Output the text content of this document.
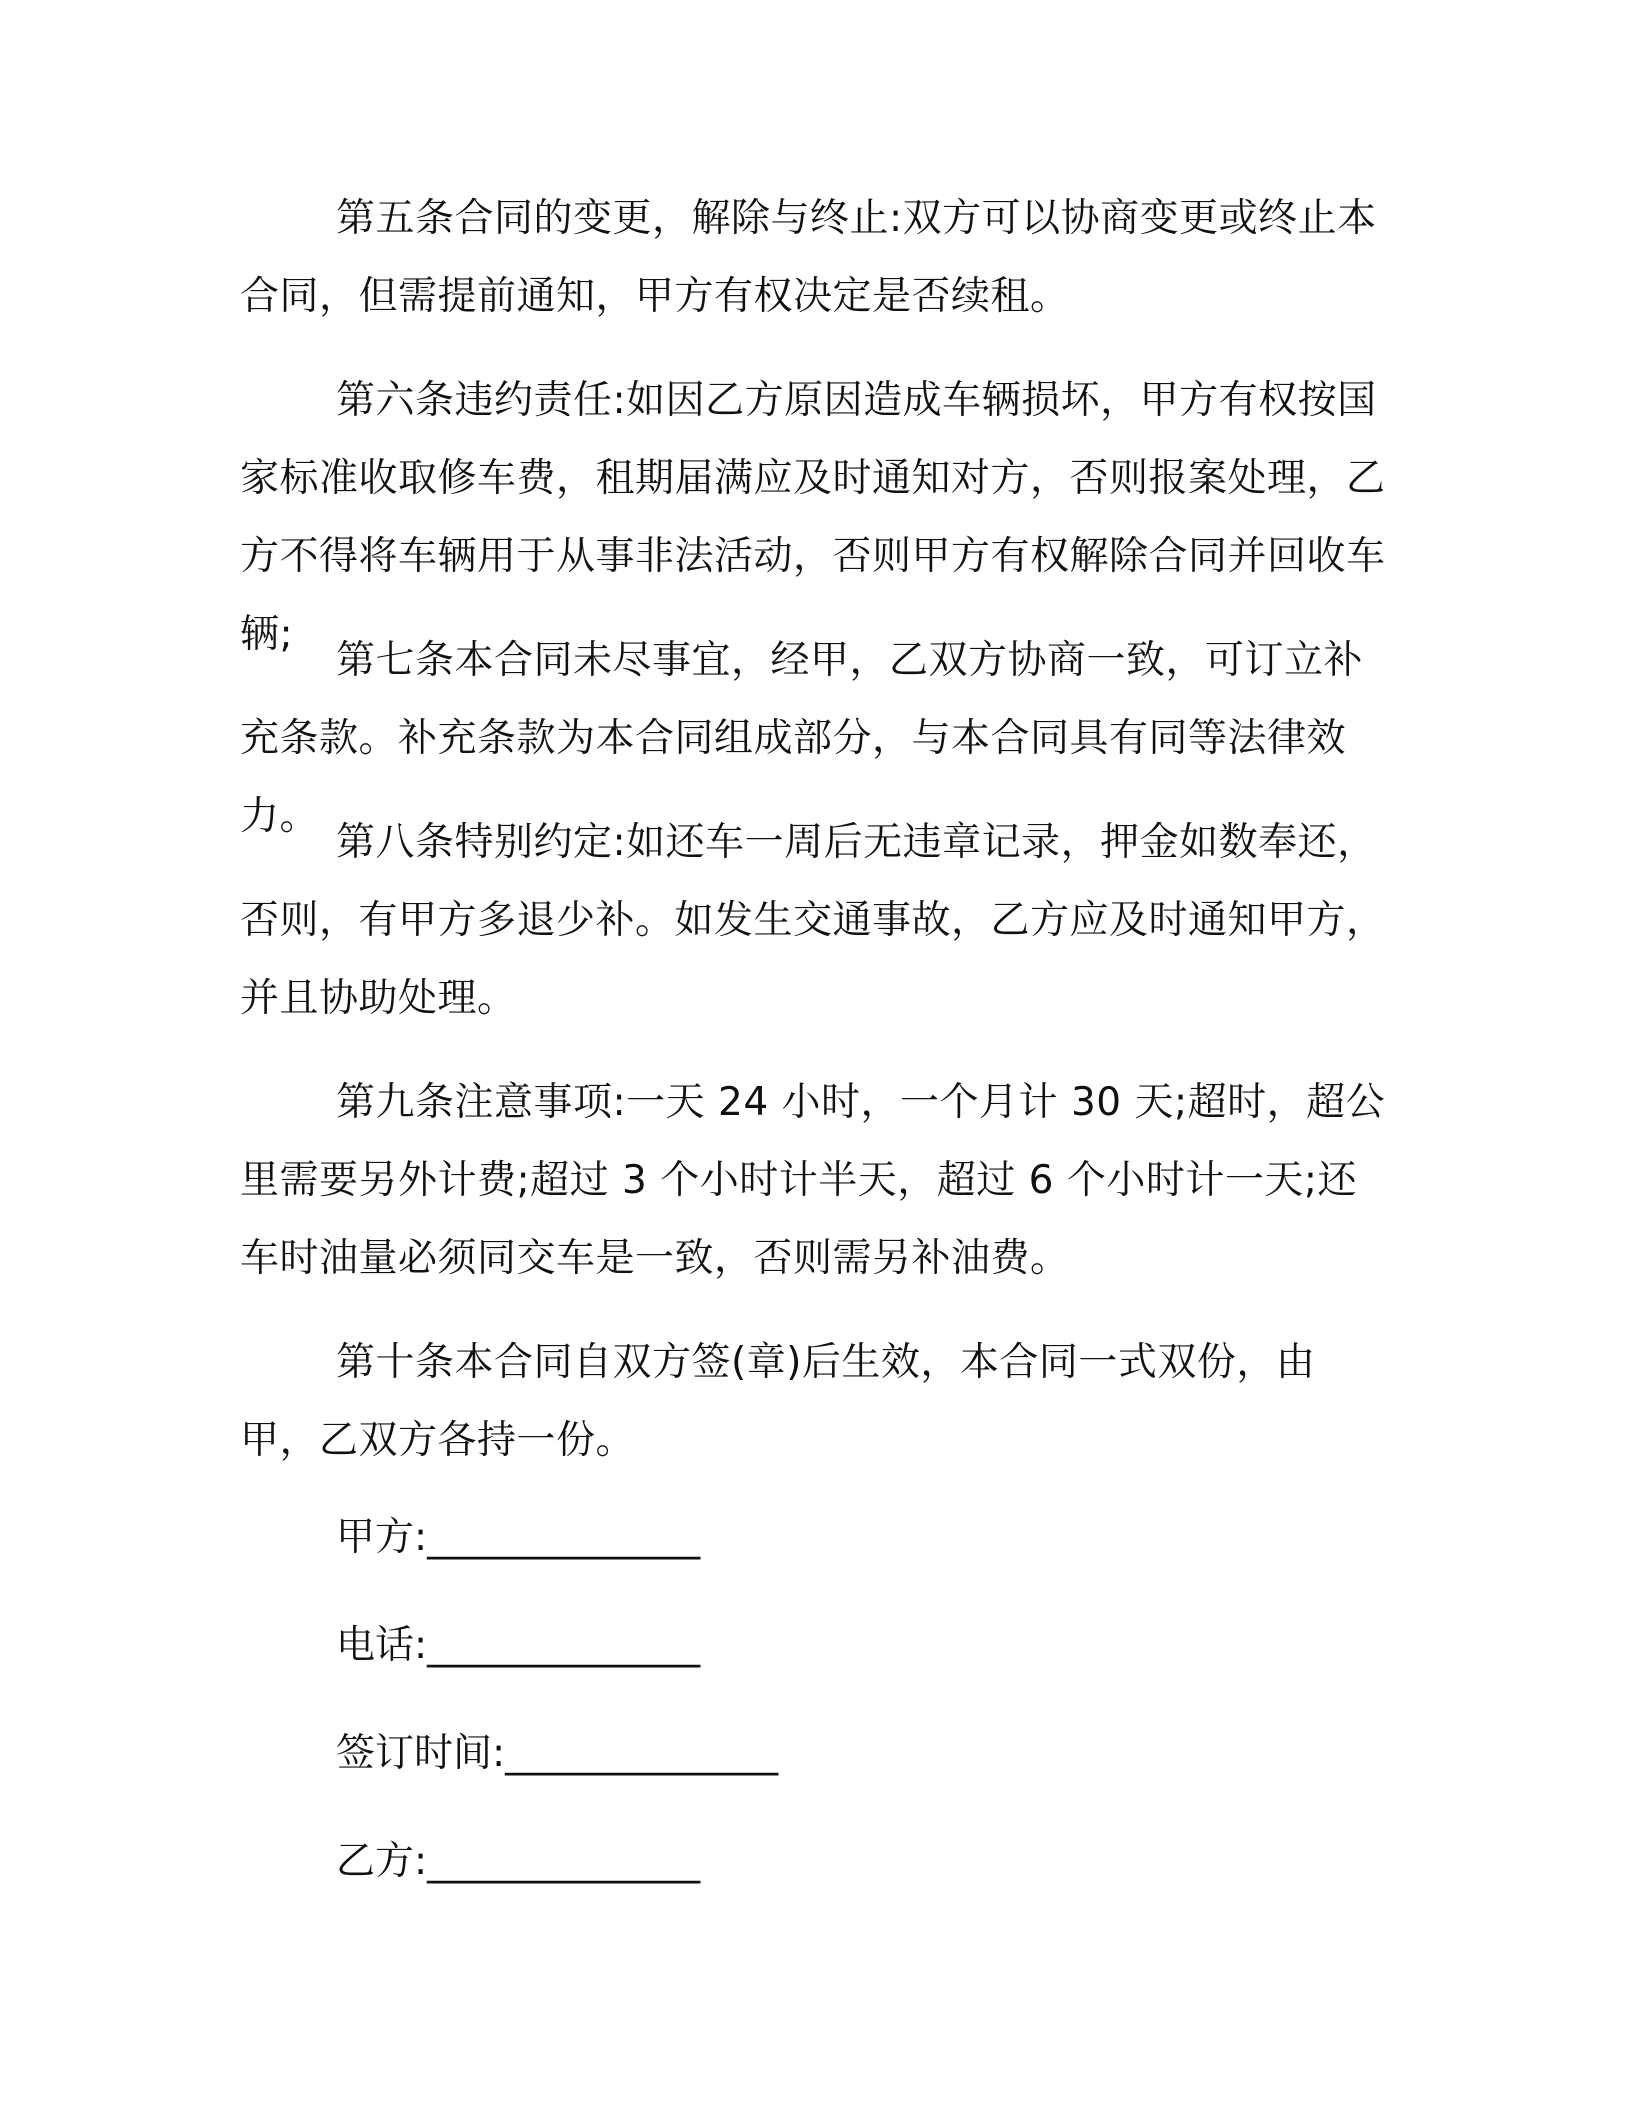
第五条合同的变更，解除与终止:双方可以协商变更或终止本合同，但需提前通知，甲方有权决定是否续租。

第六条违约责任:如因乙方原因造成车辆损坏，甲方有权按国家标准收取修车费，租期届满应及时通知对方，否则报案处理，乙方不得将车辆用于从事非法活动，否则甲方有权解除合同并回收车辆;

第七条本合同未尽事宜，经甲，乙双方协商一致，可订立补充条款。补充条款为本合同组成部分，与本合同具有同等法律效力。

第八条特别约定:如还车一周后无违章记录，押金如数奉还，否则，有甲方多退少补。如发生交通事故，乙方应及时通知甲方，并且协助处理。

第九条注意事项:一天 24 小时，一个月计 30 天;超时，超公里需要另外计费;超过 3 个小时计半天，超过 6 个小时计一天;还车时油量必须同交车是一致，否则需另补油费。

第十条本合同自双方签(章)后生效，本合同一式双份，由甲，乙双方各持一份。

甲方:______________

电话:______________

签订时间:______________

乙方:______________
